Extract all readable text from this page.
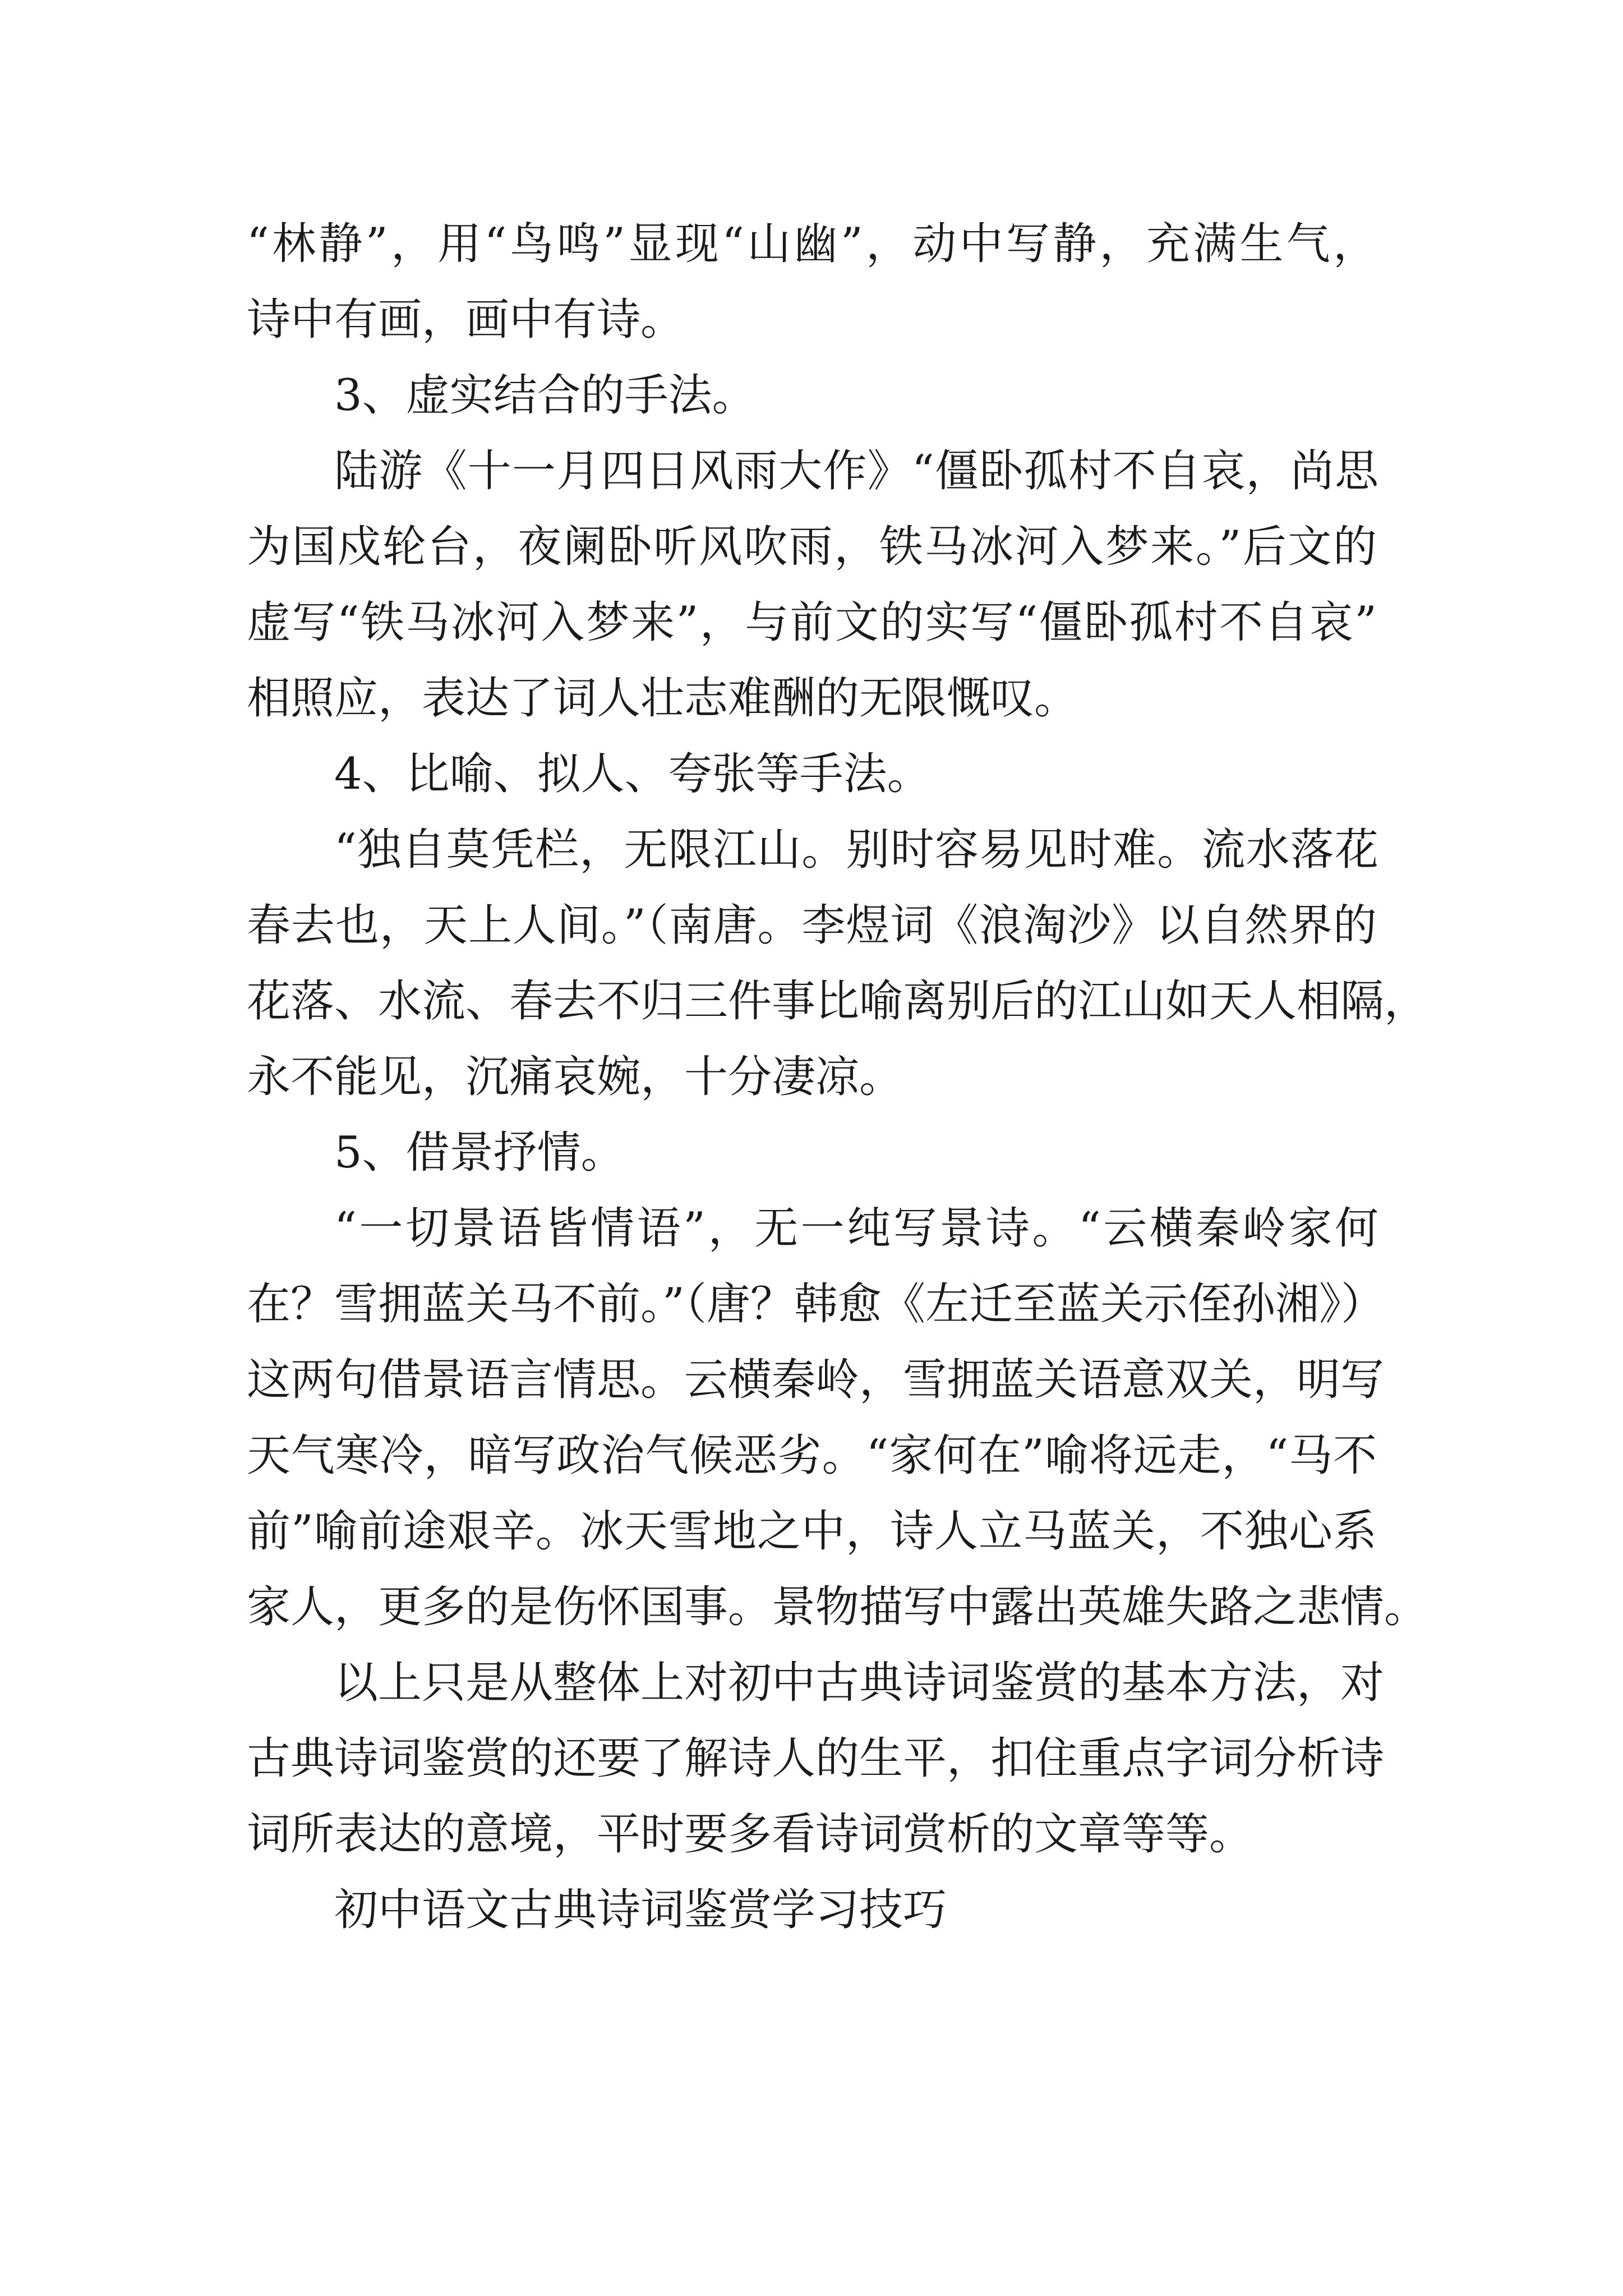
“林静”，用“鸟鸣”显现“山幽”，动中写静，充满生气，
诗中有画，画中有诗。
3、虚实结合的手法。
陆游《十一月四日风雨大作》“僵卧孤村不自哀，尚思
为国戍轮台，夜阑卧听风吹雨，铁马冰河入梦来。”后文的
虚写“铁马冰河入梦来”，与前文的实写“僵卧孤村不自哀”
相照应，表达了词人壮志难酬的无限慨叹。
4、比喻、拟人、夸张等手法。
“独自莫凭栏，无限江山。别时容易见时难。流水落花
春去也，天上人间。”（南唐。李煜词《浪淘沙》以自然界的
花落、水流、春去不归三件事比喻离别后的江山如天人相隔，
永不能见，沉痛哀婉，十分凄凉。
5、借景抒情。
“一切景语皆情语”，无一纯写景诗。“云横秦岭家何
在？雪拥蓝关马不前。”（唐？韩愈《左迁至蓝关示侄孙湘》）
这两句借景语言情思。云横秦岭，雪拥蓝关语意双关，明写
天气寒冷，暗写政治气候恶劣。“家何在”喻将远走，“马不
前”喻前途艰辛。冰天雪地之中，诗人立马蓝关，不独心系
家人，更多的是伤怀国事。景物描写中露出英雄失路之悲情。
以上只是从整体上对初中古典诗词鉴赏的基本方法，对
古典诗词鉴赏的还要了解诗人的生平，扣住重点字词分析诗
词所表达的意境，平时要多看诗词赏析的文章等等。
初中语文古典诗词鉴赏学习技巧
